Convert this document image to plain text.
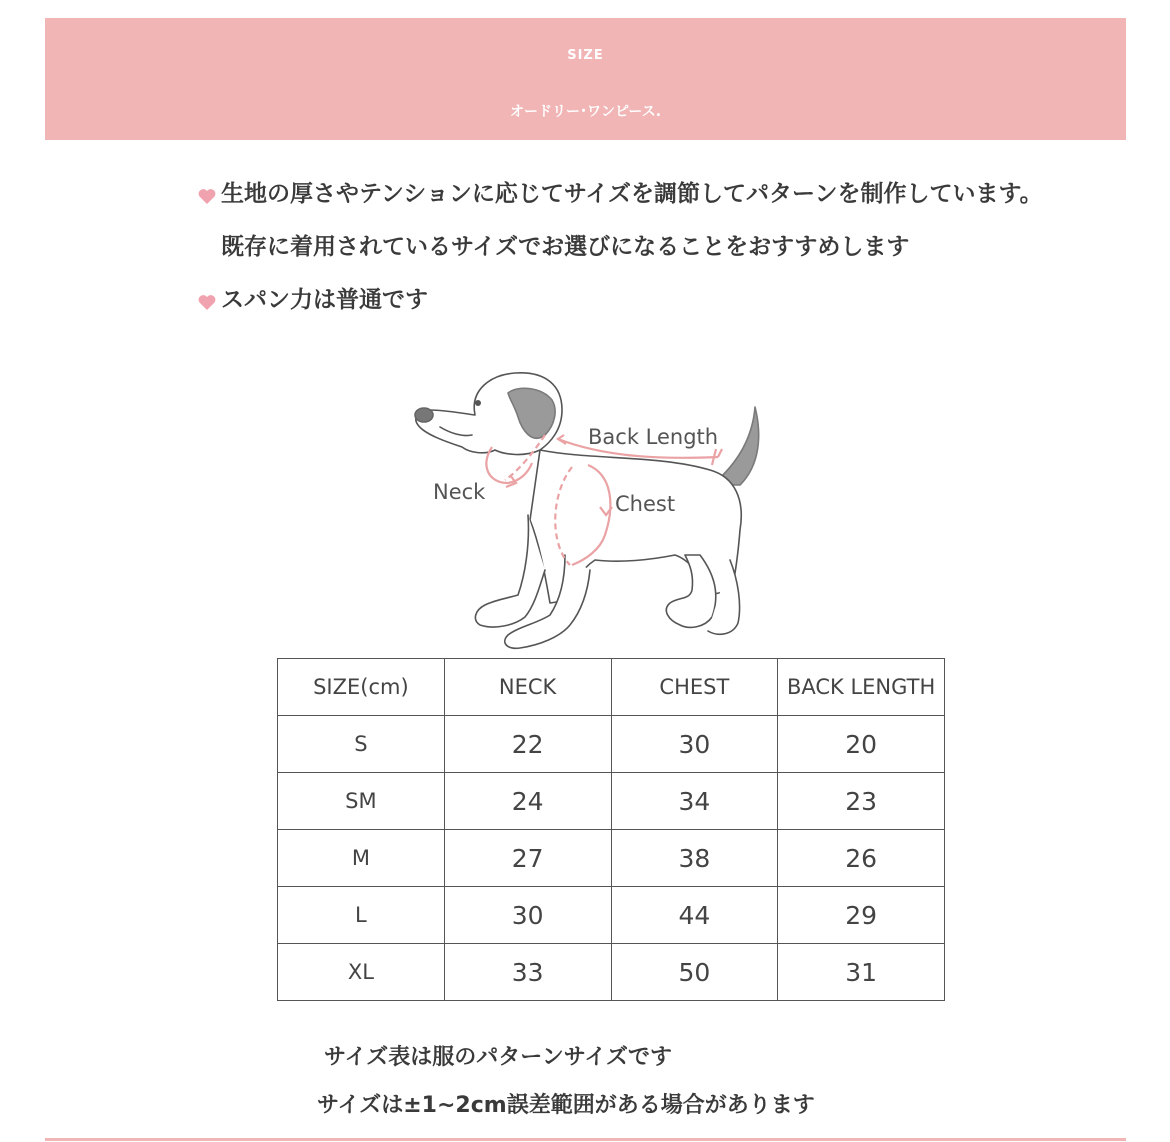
SIZE
オードリー･ワンピース.
生地の厚さやテンションに応じてサイズを調節してパターンを制作しています。
既存に着用されているサイズでお選びになることをおすすめします
スパン力は普通です
Back Length
Neck	Chest
SIZE(cm)	NECK	CHEST	BACK LENGTH
S	22	30	20
SM	24	34	23
M	27	38	26
L	30	44	29
XL	33	50	31
サイズ表は服のパターンサイズです
サイズは±1~2cm誤差範囲がある場合があります
